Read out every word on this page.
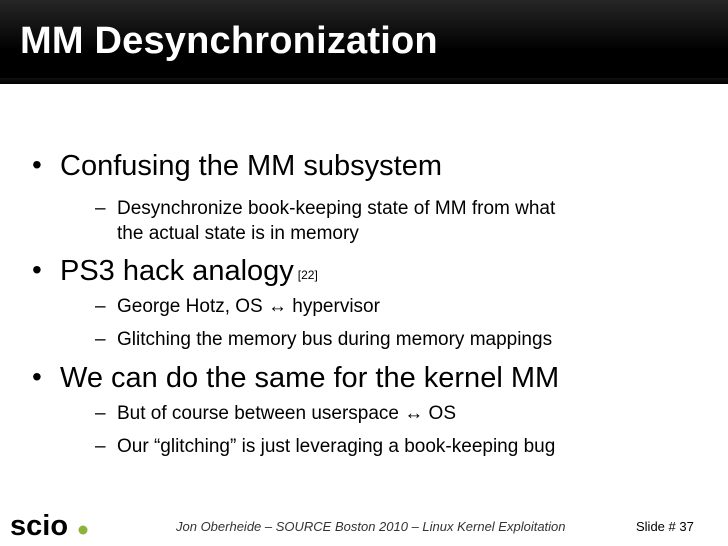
MM Desynchronization
• Confusing the MM subsystem
– Desynchronize book-keeping state of MM from what
the actual state is in memory
• PS3 hack analogy [22]
– George Hotz, OS ↔ hypervisor
– Glitching the memory bus during memory mappings
• We can do the same for the kernel MM
– But of course between userspace ↔ OS
– Our “glitching” is just leveraging a book-keeping bug
scio	Jon Oberheide – SOURCE Boston 2010 – Linux Kernel Exploitation	Slide # 37
